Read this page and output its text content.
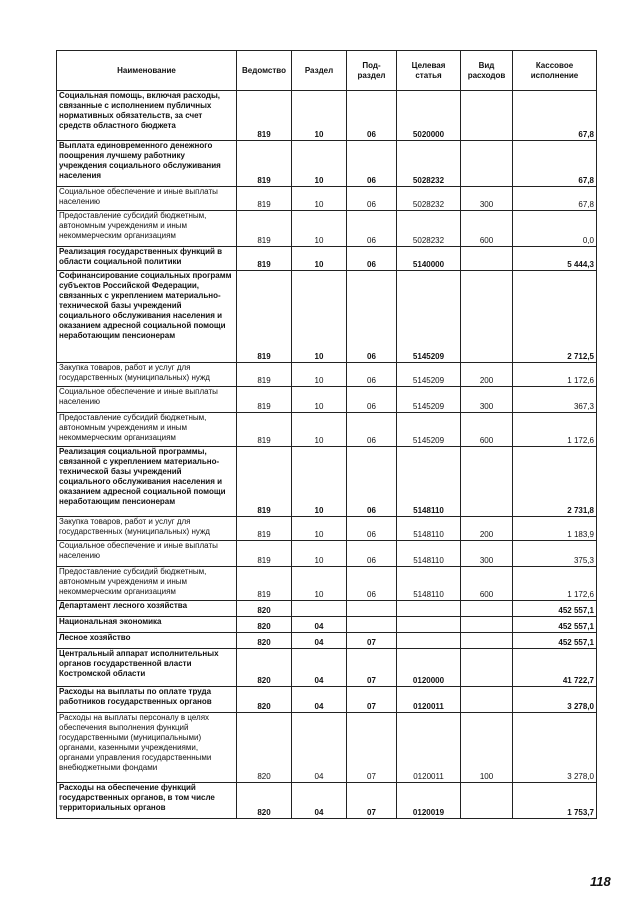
Наименование	Ведомство	Раздел	Под-раздел	Целевая статья	Вид расходов	Кассовое исполнение
Социальная помощь, включая расходы, связанные с исполнением публичных нормативных обязательств, за счет средств областного бюджета	819	10	06	5020000		67,8
Выплата единовременного денежного поощрения лучшему работнику учреждения социального обслуживания населения	819	10	06	5028232		67,8
Социальное обеспечение и иные выплаты населению	819	10	06	5028232	300	67,8
Предоставление субсидий бюджетным, автономным учреждениям и иным некоммерческим организациям	819	10	06	5028232	600	0,0
Реализация государственных функций в области социальной политики	819	10	06	5140000		5 444,3
Софинансирование социальных программ субъектов Российской Федерации, связанных с укреплением материально-технической базы учреждений социального обслуживания населения и оказанием адресной социальной помощи неработающим пенсионерам	819	10	06	5145209		2 712,5
Закупка товаров, работ и услуг для государственных (муниципальных) нужд	819	10	06	5145209	200	1 172,6
Социальное обеспечение и иные выплаты населению	819	10	06	5145209	300	367,3
Предоставление субсидий бюджетным, автономным учреждениям и иным некоммерческим организациям	819	10	06	5145209	600	1 172,6
Реализация социальной программы, связанной с укреплением материально-технической базы учреждений социального обслуживания населения и оказанием адресной социальной помощи неработающим пенсионерам	819	10	06	5148110		2 731,8
Закупка товаров, работ и услуг для государственных (муниципальных) нужд	819	10	06	5148110	200	1 183,9
Социальное обеспечение и иные выплаты населению	819	10	06	5148110	300	375,3
Предоставление субсидий бюджетным, автономным учреждениям и иным некоммерческим организациям	819	10	06	5148110	600	1 172,6
Департамент лесного хозяйства	820					452 557,1
Национальная экономика	820	04				452 557,1
Лесное хозяйство	820	04	07			452 557,1
Центральный аппарат исполнительных органов государственной власти Костромской области	820	04	07	0120000		41 722,7
Расходы на выплаты по оплате труда работников государственных органов	820	04	07	0120011		3 278,0
Расходы на выплаты персоналу в целях обеспечения выполнения функций государственными (муниципальными) органами, казенными учреждениями, органами управления государственными внебюджетными фондами	820	04	07	0120011	100	3 278,0
Расходы на обеспечение функций государственных органов, в том числе территориальных органов	820	04	07	0120019		1 753,7
118
